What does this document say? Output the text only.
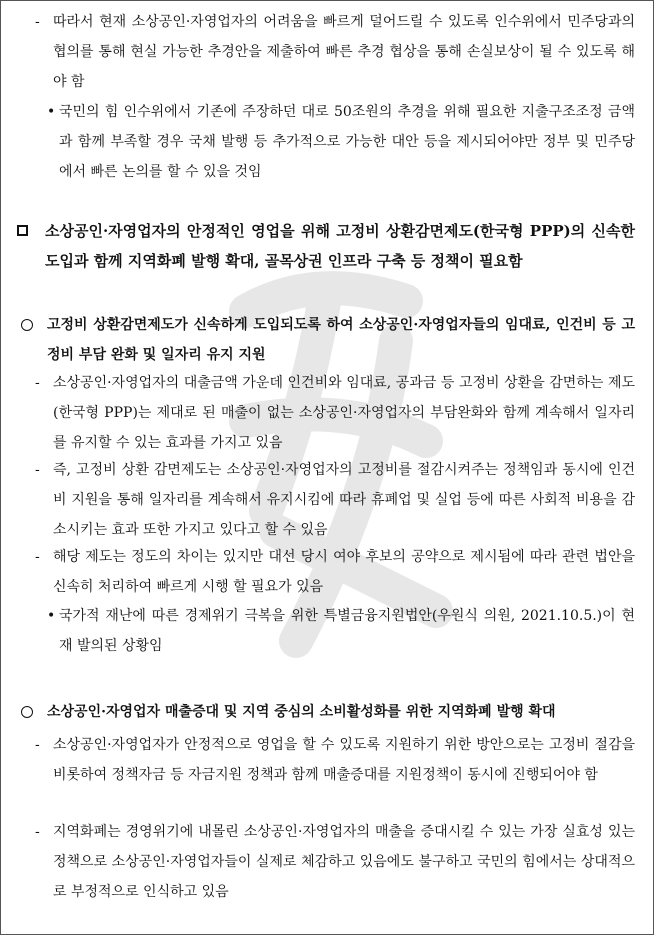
- 따라서 현재 소상공인·자영업자의 어려움을 빠르게 덜어드릴 수 있도록 인수위에서 민주당과의 협의를 통해 현실 가능한 추경안을 제출하여 빠른 추경 협상을 통해 손실보상이 될 수 있도록 해야 함
• 국민의 힘 인수위에서 기존에 주장하던 대로 50조원의 추경을 위해 필요한 지출구조조정 금액과 함께 부족할 경우 국채 발행 등 추가적으로 가능한 대안 등을 제시되어야만 정부 및 민주당에서 빠른 논의를 할 수 있을 것임
소상공인·자영업자의 안정적인 영업을 위해 고정비 상환감면제도(한국형 PPP)의 신속한 도입과 함께 지역화폐 발행 확대, 골목상권 인프라 구축 등 정책이 필요함
고정비 상환감면제도가 신속하게 도입되도록 하여 소상공인·자영업자들의 임대료, 인건비 등 고정비 부담 완화 및 일자리 유지 지원
- 소상공인·자영업자의 대출금액 가운데 인건비와 임대료, 공과금 등 고정비 상환을 감면하는 제도(한국형 PPP)는 제대로 된 매출이 없는 소상공인·자영업자의 부담완화와 함께 계속해서 일자리를 유지할 수 있는 효과를 가지고 있음
- 즉, 고정비 상환 감면제도는 소상공인·자영업자의 고정비를 절감시켜주는 정책임과 동시에 인건비 지원을 통해 일자리를 계속해서 유지시킴에 따라 휴폐업 및 실업 등에 따른 사회적 비용을 감소시키는 효과 또한 가지고 있다고 할 수 있음
- 해당 제도는 정도의 차이는 있지만 대선 당시 여야 후보의 공약으로 제시됨에 따라 관련 법안을 신속히 처리하여 빠르게 시행 할 필요가 있음
• 국가적 재난에 따른 경제위기 극복을 위한 특별금융지원법안(우원식 의원, 2021.10.5.)이 현재 발의된 상황임
소상공인·자영업자 매출증대 및 지역 중심의 소비활성화를 위한 지역화폐 발행 확대
- 소상공인·자영업자가 안정적으로 영업을 할 수 있도록 지원하기 위한 방안으로는 고정비 절감을 비롯하여 정책자금 등 자금지원 정책과 함께 매출증대를 지원정책이 동시에 진행되어야 함
- 지역화폐는 경영위기에 내몰린 소상공인·자영업자의 매출을 증대시킬 수 있는 가장 실효성 있는 정책으로 소상공인·자영업자들이 실제로 체감하고 있음에도 불구하고 국민의 힘에서는 상대적으로 부정적으로 인식하고 있음
